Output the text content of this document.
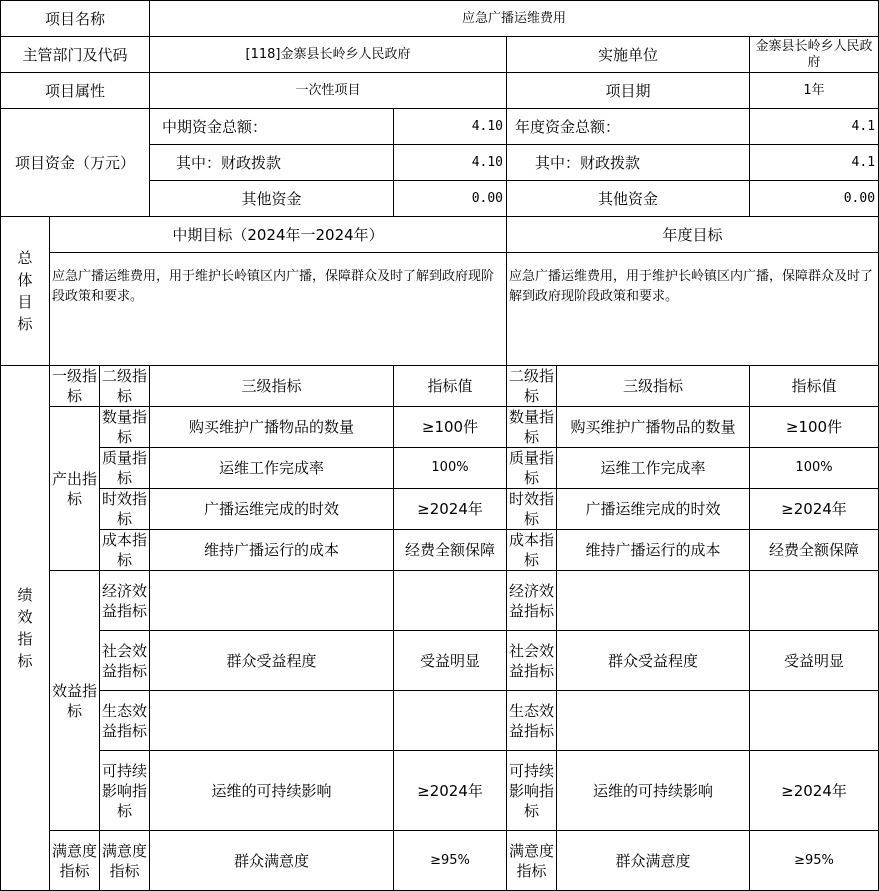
项目名称			应急广播运维费用				
主管部门及代码			[118]金寨县长岭乡人民政府		实施单位		金寨县长岭乡人民政府
项目属性			一次性项目		项目期		1年
项目资金（万元）			中期资金总额：	4.10	年度资金总额：		4.1
			其中：财政拨款	4.10	其中：财政拨款		4.1
			其他资金	0.00	其他资金		0.00
总体目标	中期目标（2024年一2024年）				年度目标		
	应急广播运维费用，用于维护长岭镇区内广播，保障群众及时了解到政府现阶段政策和要求。				应急广播运维费用，用于维护长岭镇区内广播，保障群众及时了解到政府现阶段政策和要求。		
绩效指标	一级指标	二级指标	三级指标	指标值	二级指标	三级指标	指标值
	产出指标	数量指标	购买维护广播物品的数量	≥100件	数量指标	购买维护广播物品的数量	≥100件
		质量指标	运维工作完成率	100%	质量指标	运维工作完成率	100%
		时效指标	广播运维完成的时效	≥2024年	时效指标	广播运维完成的时效	≥2024年
		成本指标	维持广播运行的成本	经费全额保障	成本指标	维持广播运行的成本	经费全额保障
	效益指标	经济效益指标			经济效益指标		
		社会效益指标	群众受益程度	受益明显	社会效益指标	群众受益程度	受益明显
		生态效益指标			生态效益指标		
		可持续影响指标	运维的可持续影响	≥2024年	可持续影响指标	运维的可持续影响	≥2024年
	满意度指标	满意度指标	群众满意度	≥95%	满意度指标	群众满意度	≥95%
